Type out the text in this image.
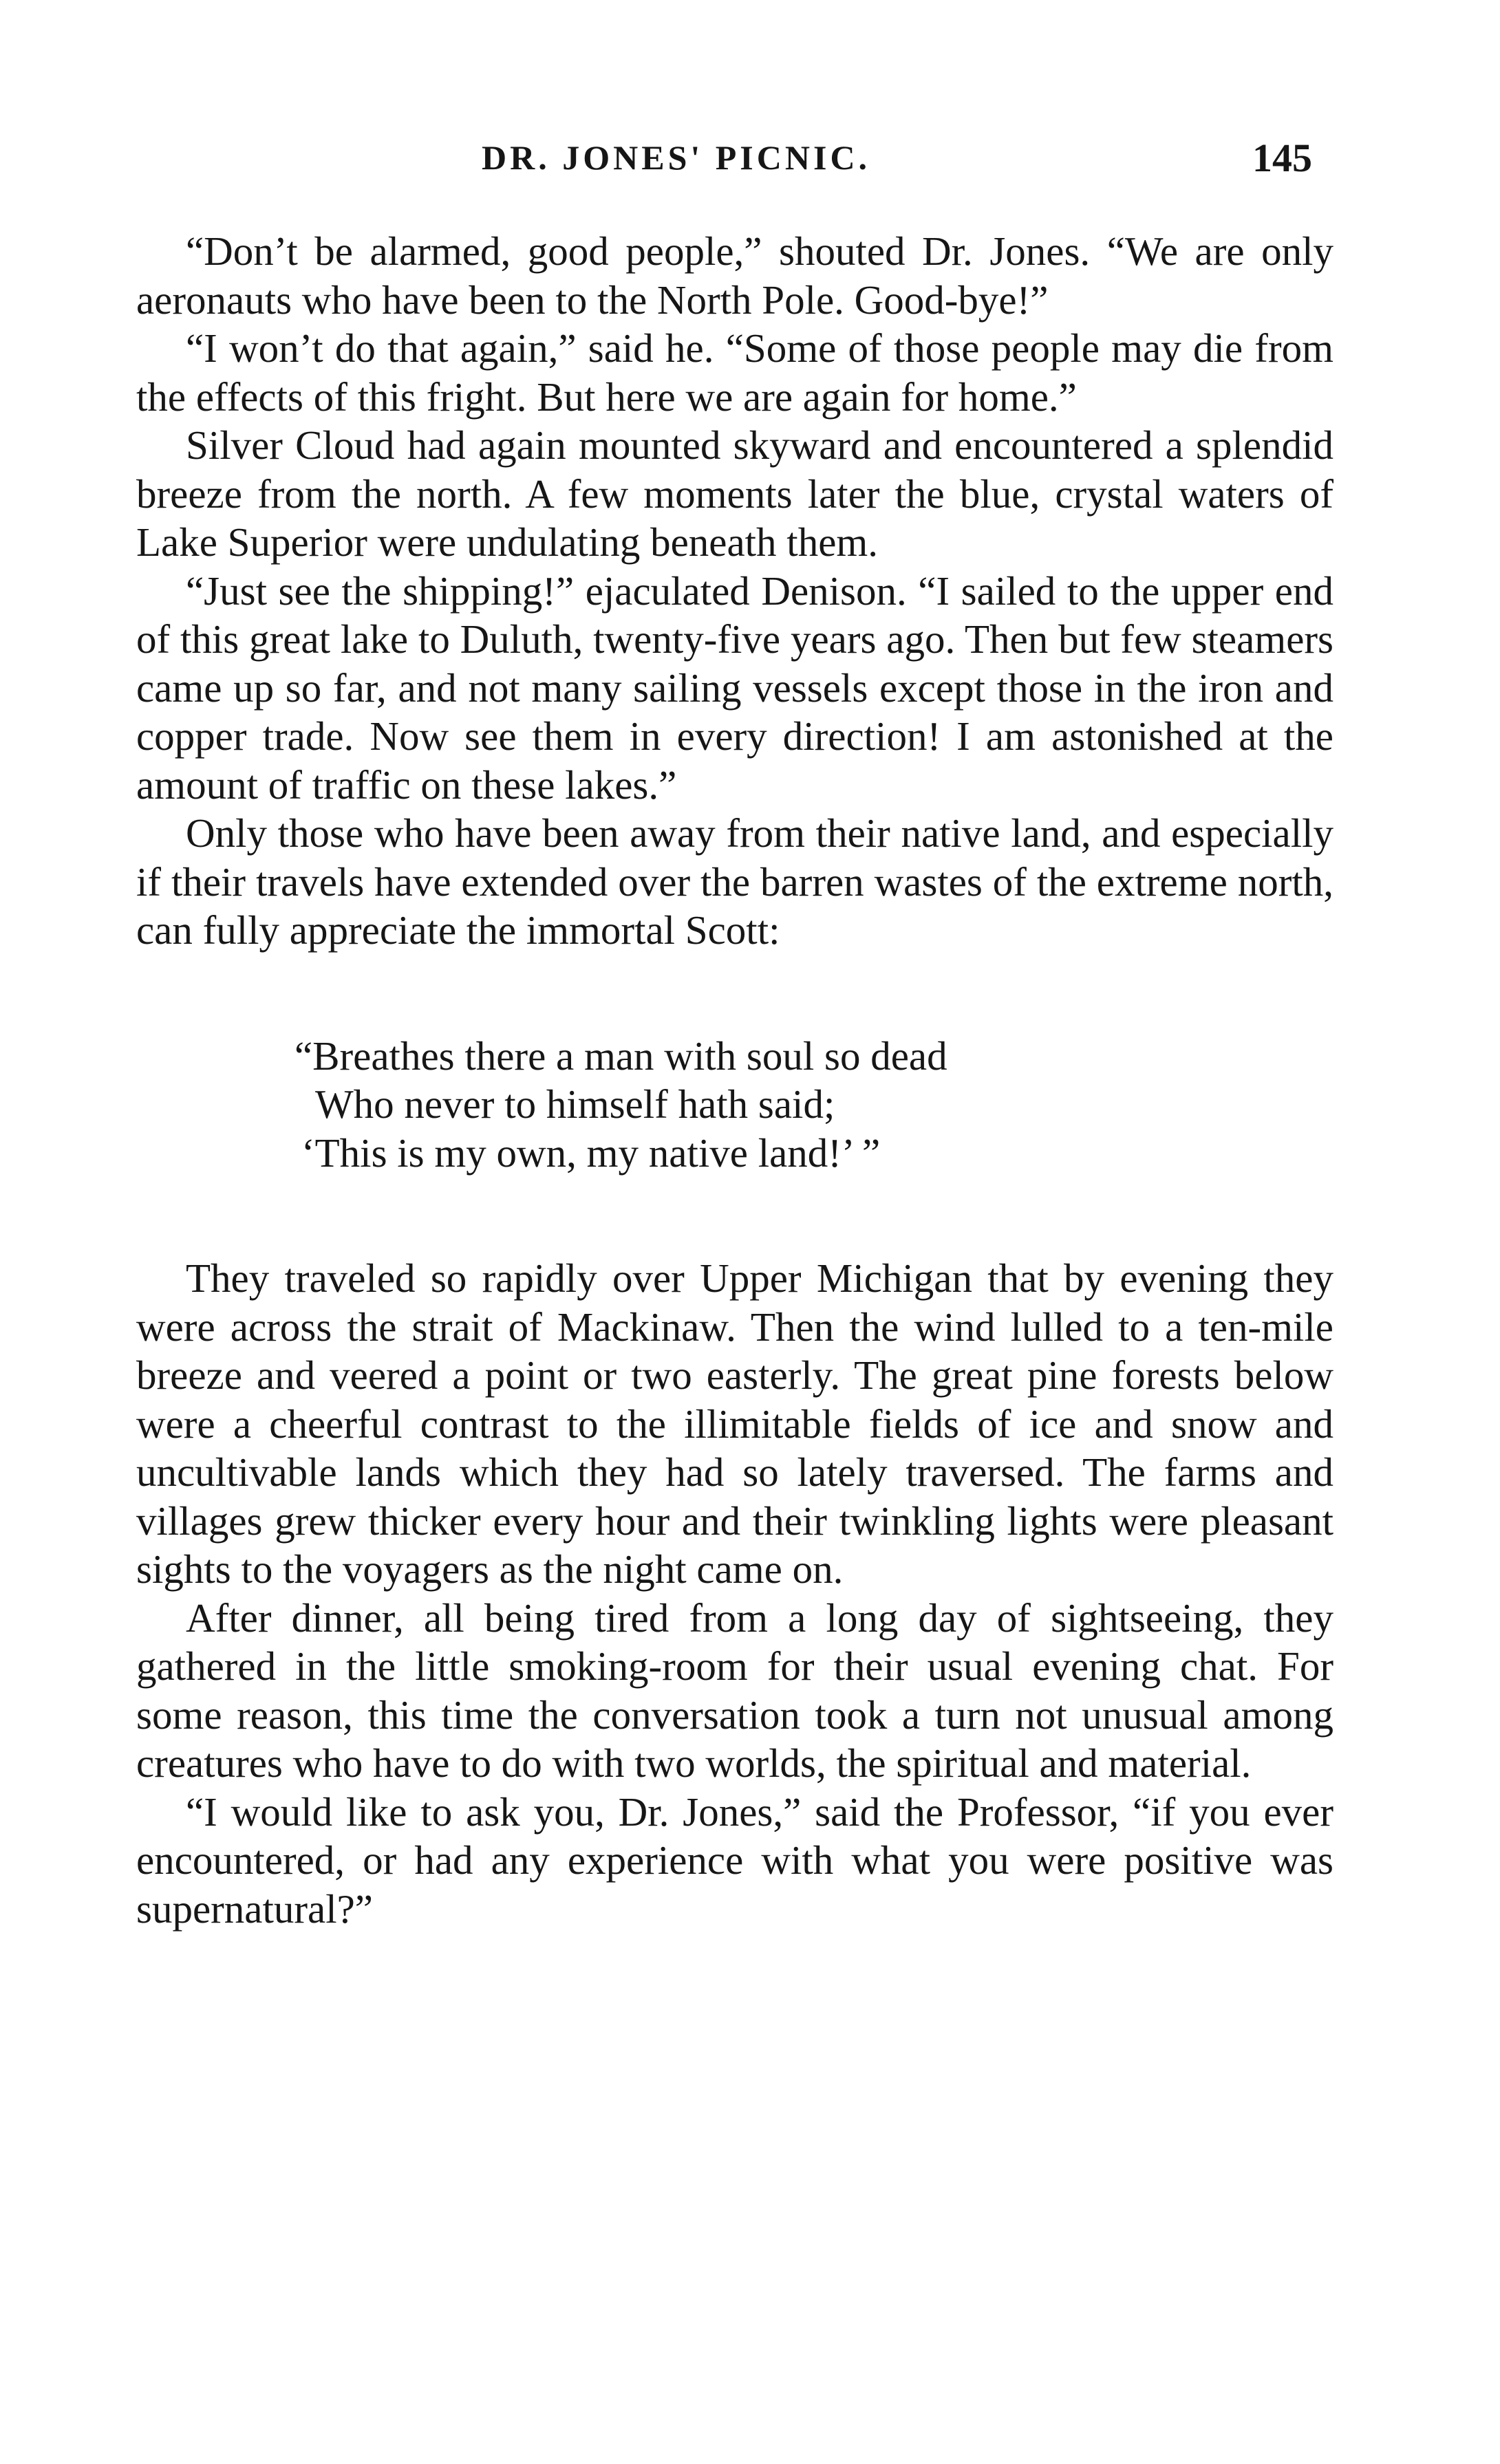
DR. JONES' PICNIC.	145

“Don’t be alarmed, good people,” shouted Dr. Jones. “We are only aeronauts who have been to the North Pole. Good-bye!”

“I won’t do that again,” said he. “Some of those people may die from the effects of this fright. But here we are again for home.”

Silver Cloud had again mounted skyward and encountered a splendid breeze from the north. A few moments later the blue, crystal waters of Lake Superior were undulating beneath them.

“Just see the shipping!” ejaculated Denison. “I sailed to the upper end of this great lake to Duluth, twenty-five years ago. Then but few steamers came up so far, and not many sailing vessels except those in the iron and copper trade. Now see them in every direction! I am astonished at the amount of traffic on these lakes.”

Only those who have been away from their native land, and especially if their travels have extended over the barren wastes of the extreme north, can fully appreciate the immortal Scott:

“Breathes there a man with soul so dead
Who never to himself hath said;
‘This is my own, my native land!’ ”

They traveled so rapidly over Upper Michigan that by evening they were across the strait of Mackinaw. Then the wind lulled to a ten-mile breeze and veered a point or two easterly. The great pine forests below were a cheerful contrast to the illimitable fields of ice and snow and uncultivable lands which they had so lately traversed. The farms and villages grew thicker every hour and their twinkling lights were pleasant sights to the voyagers as the night came on.

After dinner, all being tired from a long day of sightseeing, they gathered in the little smoking-room for their usual evening chat. For some reason, this time the conversation took a turn not unusual among creatures who have to do with two worlds, the spiritual and material.

“I would like to ask you, Dr. Jones,” said the Professor, “if you ever encountered, or had any experience with what you were positive was supernatural?”
